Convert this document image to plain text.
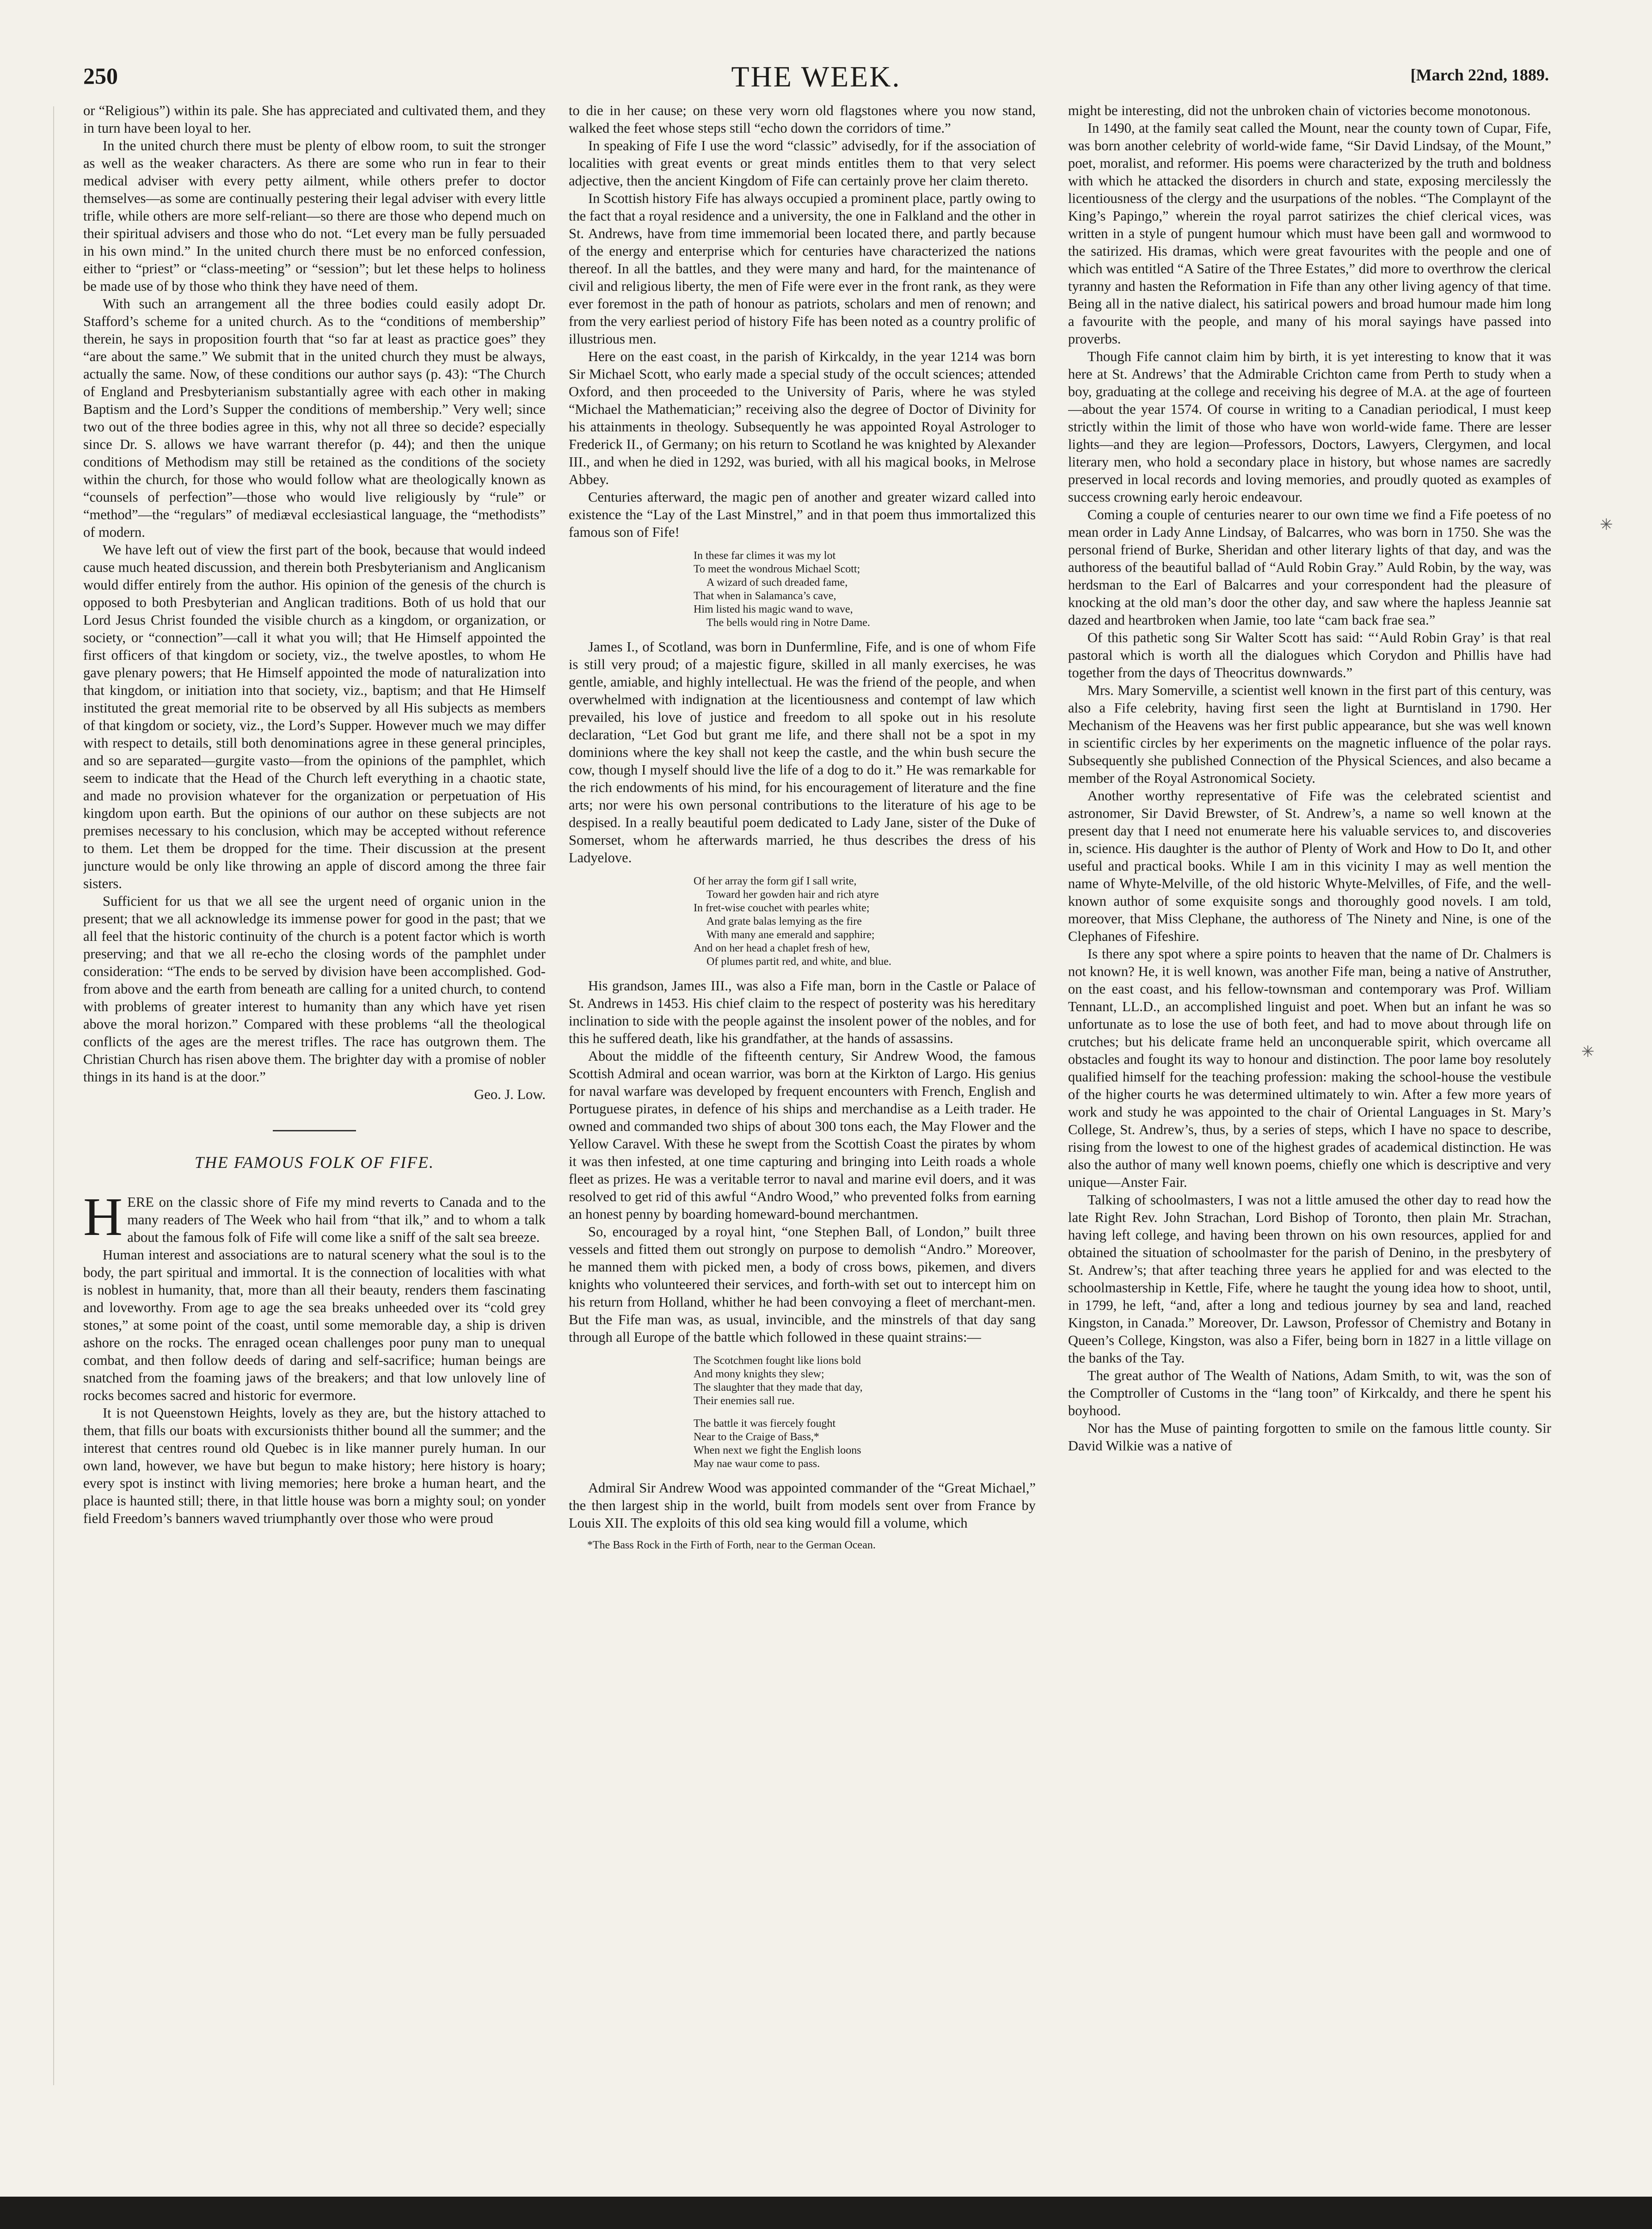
250	THE WEEK.	[March 22nd, 1889.

or “Religious”) within its pale. She has appreciated and cultivated them, and they in turn have been loyal to her.

In the united church there must be plenty of elbow room, to suit the stronger as well as the weaker characters. As there are some who run in fear to their medical adviser with every petty ailment, while others prefer to doctor themselves—as some are continually pestering their legal adviser with every little trifle, while others are more self-reliant—so there are those who depend much on their spiritual advisers and those who do not. “Let every man be fully persuaded in his own mind.” In the united church there must be no enforced confession, either to “priest” or “class-meeting” or “session”; but let these helps to holiness be made use of by those who think they have need of them.

With such an arrangement all the three bodies could easily adopt Dr. Stafford’s scheme for a united church. As to the “conditions of membership” therein, he says in proposition fourth that “so far at least as practice goes” they “are about the same.” We submit that in the united church they must be always, actually the same. Now, of these conditions our author says (p. 43): “The Church of England and Presbyterianism substantially agree with each other in making Baptism and the Lord’s Supper the conditions of membership.” Very well; since two out of the three bodies agree in this, why not all three so decide? especially since Dr. S. allows we have warrant therefor (p. 44); and then the unique conditions of Methodism may still be retained as the conditions of the society within the church, for those who would follow what are theologically known as “counsels of perfection”—those who would live religiously by “rule” or “method”—the “regulars” of mediæval ecclesiastical language, the “methodists” of modern.

We have left out of view the first part of the book, because that would indeed cause much heated discussion, and therein both Presbyterianism and Anglicanism would differ entirely from the author. His opinion of the genesis of the church is opposed to both Presbyterian and Anglican traditions. Both of us hold that our Lord Jesus Christ founded the visible church as a kingdom, or organization, or society, or “connection”—call it what you will; that He Himself appointed the first officers of that kingdom or society, viz., the twelve apostles, to whom He gave plenary powers; that He Himself appointed the mode of naturalization into that kingdom, or initiation into that society, viz., baptism; and that He Himself instituted the great memorial rite to be observed by all His subjects as members of that kingdom or society, viz., the Lord’s Supper. However much we may differ with respect to details, still both denominations agree in these general principles, and so are separated—gurgite vasto—from the opinions of the pamphlet, which seem to indicate that the Head of the Church left everything in a chaotic state, and made no provision whatever for the organization or perpetuation of His kingdom upon earth. But the opinions of our author on these subjects are not premises necessary to his conclusion, which may be accepted without reference to them. Let them be dropped for the time. Their discussion at the present juncture would be only like throwing an apple of discord among the three fair sisters.

Sufficient for us that we all see the urgent need of organic union in the present; that we all acknowledge its immense power for good in the past; that we all feel that the historic continuity of the church is a potent factor which is worth preserving; and that we all re-echo the closing words of the pamphlet under consideration: “The ends to be served by division have been accomplished. God-from above and the earth from beneath are calling for a united church, to contend with problems of greater interest to humanity than any which have yet risen above the moral horizon.” Compared with these problems “all the theological conflicts of the ages are the merest trifles. The race has outgrown them. The Christian Church has risen above them. The brighter day with a promise of nobler things in its hand is at the door.”

Geo. J. Low.

THE FAMOUS FOLK OF FIFE.

HERE on the classic shore of Fife my mind reverts to Canada and to the many readers of The Week who hail from “that ilk,” and to whom a talk about the famous folk of Fife will come like a sniff of the salt sea breeze.

Human interest and associations are to natural scenery what the soul is to the body, the part spiritual and immortal. It is the connection of localities with what is noblest in humanity, that, more than all their beauty, renders them fascinating and loveworthy. From age to age the sea breaks unheeded over its “cold grey stones,” at some point of the coast, until some memorable day, a ship is driven ashore on the rocks. The enraged ocean challenges poor puny man to unequal combat, and then follow deeds of daring and self-sacrifice; human beings are snatched from the foaming jaws of the breakers; and that low unlovely line of rocks becomes sacred and historic for evermore.

It is not Queenstown Heights, lovely as they are, but the history attached to them, that fills our boats with excursionists thither bound all the summer; and the interest that centres round old Quebec is in like manner purely human. In our own land, however, we have but begun to make history; here history is hoary; every spot is instinct with living memories; here broke a human heart, and the place is haunted still; there, in that little house was born a mighty soul; on yonder field Freedom’s banners waved triumphantly over those who were proud

to die in her cause; on these very worn old flagstones where you now stand, walked the feet whose steps still “echo down the corridors of time.”

In speaking of Fife I use the word “classic” advisedly, for if the association of localities with great events or great minds entitles them to that very select adjective, then the ancient Kingdom of Fife can certainly prove her claim thereto.

In Scottish history Fife has always occupied a prominent place, partly owing to the fact that a royal residence and a university, the one in Falkland and the other in St. Andrews, have from time immemorial been located there, and partly because of the energy and enterprise which for centuries have characterized the nations thereof. In all the battles, and they were many and hard, for the maintenance of civil and religious liberty, the men of Fife were ever in the front rank, as they were ever foremost in the path of honour as patriots, scholars and men of renown; and from the very earliest period of history Fife has been noted as a country prolific of illustrious men.

Here on the east coast, in the parish of Kirkcaldy, in the year 1214 was born Sir Michael Scott, who early made a special study of the occult sciences; attended Oxford, and then proceeded to the University of Paris, where he was styled “Michael the Mathematician;” receiving also the degree of Doctor of Divinity for his attainments in theology. Subsequently he was appointed Royal Astrologer to Frederick II., of Germany; on his return to Scotland he was knighted by Alexander III., and when he died in 1292, was buried, with all his magical books, in Melrose Abbey.

Centuries afterward, the magic pen of another and greater wizard called into existence the “Lay of the Last Minstrel,” and in that poem thus immortalized this famous son of Fife!

In these far climes it was my lot
To meet the wondrous Michael Scott;
A wizard of such dreaded fame,
That when in Salamanca’s cave,
Him listed his magic wand to wave,
The bells would ring in Notre Dame.

James I., of Scotland, was born in Dunfermline, Fife, and is one of whom Fife is still very proud; of a majestic figure, skilled in all manly exercises, he was gentle, amiable, and highly intellectual. He was the friend of the people, and when overwhelmed with indignation at the licentiousness and contempt of law which prevailed, his love of justice and freedom to all spoke out in his resolute declaration, “Let God but grant me life, and there shall not be a spot in my dominions where the key shall not keep the castle, and the whin bush secure the cow, though I myself should live the life of a dog to do it.” He was remarkable for the rich endowments of his mind, for his encouragement of literature and the fine arts; nor were his own personal contributions to the literature of his age to be despised. In a really beautiful poem dedicated to Lady Jane, sister of the Duke of Somerset, whom he afterwards married, he thus describes the dress of his Ladyelove.

Of her array the form gif I sall write,
Toward her gowden hair and rich atyre
In fret-wise couchet with pearles white;
And grate balas lemying as the fire
With many ane emerald and sapphire;
And on her head a chaplet fresh of hew,
Of plumes partit red, and white, and blue.

His grandson, James III., was also a Fife man, born in the Castle or Palace of St. Andrews in 1453. His chief claim to the respect of posterity was his hereditary inclination to side with the people against the insolent power of the nobles, and for this he suffered death, like his grandfather, at the hands of assassins.

About the middle of the fifteenth century, Sir Andrew Wood, the famous Scottish Admiral and ocean warrior, was born at the Kirkton of Largo. His genius for naval warfare was developed by frequent encounters with French, English and Portuguese pirates, in defence of his ships and merchandise as a Leith trader. He owned and commanded two ships of about 300 tons each, the May Flower and the Yellow Caravel. With these he swept from the Scottish Coast the pirates by whom it was then infested, at one time capturing and bringing into Leith roads a whole fleet as prizes. He was a veritable terror to naval and marine evil doers, and it was resolved to get rid of this awful “Andro Wood,” who prevented folks from earning an honest penny by boarding homeward-bound merchantmen.

So, encouraged by a royal hint, “one Stephen Ball, of London,” built three vessels and fitted them out strongly on purpose to demolish “Andro.” Moreover, he manned them with picked men, a body of cross bows, pikemen, and divers knights who volunteered their services, and forth-with set out to intercept him on his return from Holland, whither he had been convoying a fleet of merchant-men. But the Fife man was, as usual, invincible, and the minstrels of that day sang through all Europe of the battle which followed in these quaint strains:—

The Scotchmen fought like lions bold
And mony knights they slew;
The slaughter that they made that day,
Their enemies sall rue.
The battle it was fiercely fought
Near to the Craige of Bass,*
When next we fight the English loons
May nae waur come to pass.

Admiral Sir Andrew Wood was appointed commander of the “Great Michael,” the then largest ship in the world, built from models sent over from France by Louis XII. The exploits of this old sea king would fill a volume, which

*The Bass Rock in the Firth of Forth, near to the German Ocean.

might be interesting, did not the unbroken chain of victories become monotonous.

In 1490, at the family seat called the Mount, near the county town of Cupar, Fife, was born another celebrity of world-wide fame, “Sir David Lindsay, of the Mount,” poet, moralist, and reformer. His poems were characterized by the truth and boldness with which he attacked the disorders in church and state, exposing mercilessly the licentiousness of the clergy and the usurpations of the nobles. “The Complaynt of the King’s Papingo,” wherein the royal parrot satirizes the chief clerical vices, was written in a style of pungent humour which must have been gall and wormwood to the satirized. His dramas, which were great favourites with the people and one of which was entitled “A Satire of the Three Estates,” did more to overthrow the clerical tyranny and hasten the Reformation in Fife than any other living agency of that time. Being all in the native dialect, his satirical powers and broad humour made him long a favourite with the people, and many of his moral sayings have passed into proverbs.

Though Fife cannot claim him by birth, it is yet interesting to know that it was here at St. Andrews’ that the Admirable Crichton came from Perth to study when a boy, graduating at the college and receiving his degree of M.A. at the age of fourteen—about the year 1574. Of course in writing to a Canadian periodical, I must keep strictly within the limit of those who have won world-wide fame. There are lesser lights—and they are legion—Professors, Doctors, Lawyers, Clergymen, and local literary men, who hold a secondary place in history, but whose names are sacredly preserved in local records and loving memories, and proudly quoted as examples of success crowning early heroic endeavour.

Coming a couple of centuries nearer to our own time we find a Fife poetess of no mean order in Lady Anne Lindsay, of Balcarres, who was born in 1750. She was the personal friend of Burke, Sheridan and other literary lights of that day, and was the authoress of the beautiful ballad of “Auld Robin Gray.” Auld Robin, by the way, was herdsman to the Earl of Balcarres and your correspondent had the pleasure of knocking at the old man’s door the other day, and saw where the hapless Jeannie sat dazed and heartbroken when Jamie, too late “cam back frae sea.”

Of this pathetic song Sir Walter Scott has said: “‘Auld Robin Gray’ is that real pastoral which is worth all the dialogues which Corydon and Phillis have had together from the days of Theocritus downwards.”

Mrs. Mary Somerville, a scientist well known in the first part of this century, was also a Fife celebrity, having first seen the light at Burntisland in 1790. Her Mechanism of the Heavens was her first public appearance, but she was well known in scientific circles by her experiments on the magnetic influence of the polar rays. Subsequently she published Connection of the Physical Sciences, and also became a member of the Royal Astronomical Society.

Another worthy representative of Fife was the celebrated scientist and astronomer, Sir David Brewster, of St. Andrew’s, a name so well known at the present day that I need not enumerate here his valuable services to, and discoveries in, science. His daughter is the author of Plenty of Work and How to Do It, and other useful and practical books. While I am in this vicinity I may as well mention the name of Whyte-Melville, of the old historic Whyte-Melvilles, of Fife, and the well-known author of some exquisite songs and thoroughly good novels. I am told, moreover, that Miss Clephane, the authoress of The Ninety and Nine, is one of the Clephanes of Fifeshire.

Is there any spot where a spire points to heaven that the name of Dr. Chalmers is not known? He, it is well known, was another Fife man, being a native of Anstruther, on the east coast, and his fellow-townsman and contemporary was Prof. William Tennant, LL.D., an accomplished linguist and poet. When but an infant he was so unfortunate as to lose the use of both feet, and had to move about through life on crutches; but his delicate frame held an unconquerable spirit, which overcame all obstacles and fought its way to honour and distinction. The poor lame boy resolutely qualified himself for the teaching profession: making the school-house the vestibule of the higher courts he was determined ultimately to win. After a few more years of work and study he was appointed to the chair of Oriental Languages in St. Mary’s College, St. Andrew’s, thus, by a series of steps, which I have no space to describe, rising from the lowest to one of the highest grades of academical distinction. He was also the author of many well known poems, chiefly one which is descriptive and very unique—Anster Fair.

Talking of schoolmasters, I was not a little amused the other day to read how the late Right Rev. John Strachan, Lord Bishop of Toronto, then plain Mr. Strachan, having left college, and having been thrown on his own resources, applied for and obtained the situation of schoolmaster for the parish of Denino, in the presbytery of St. Andrew’s; that after teaching three years he applied for and was elected to the schoolmastership in Kettle, Fife, where he taught the young idea how to shoot, until, in 1799, he left, “and, after a long and tedious journey by sea and land, reached Kingston, in Canada.” Moreover, Dr. Lawson, Professor of Chemistry and Botany in Queen’s College, Kingston, was also a Fifer, being born in 1827 in a little village on the banks of the Tay.

The great author of The Wealth of Nations, Adam Smith, to wit, was the son of the Comptroller of Customs in the “lang toon” of Kirkcaldy, and there he spent his boyhood.

Nor has the Muse of painting forgotten to smile on the famous little county. Sir David Wilkie was a native of

✳
✳
